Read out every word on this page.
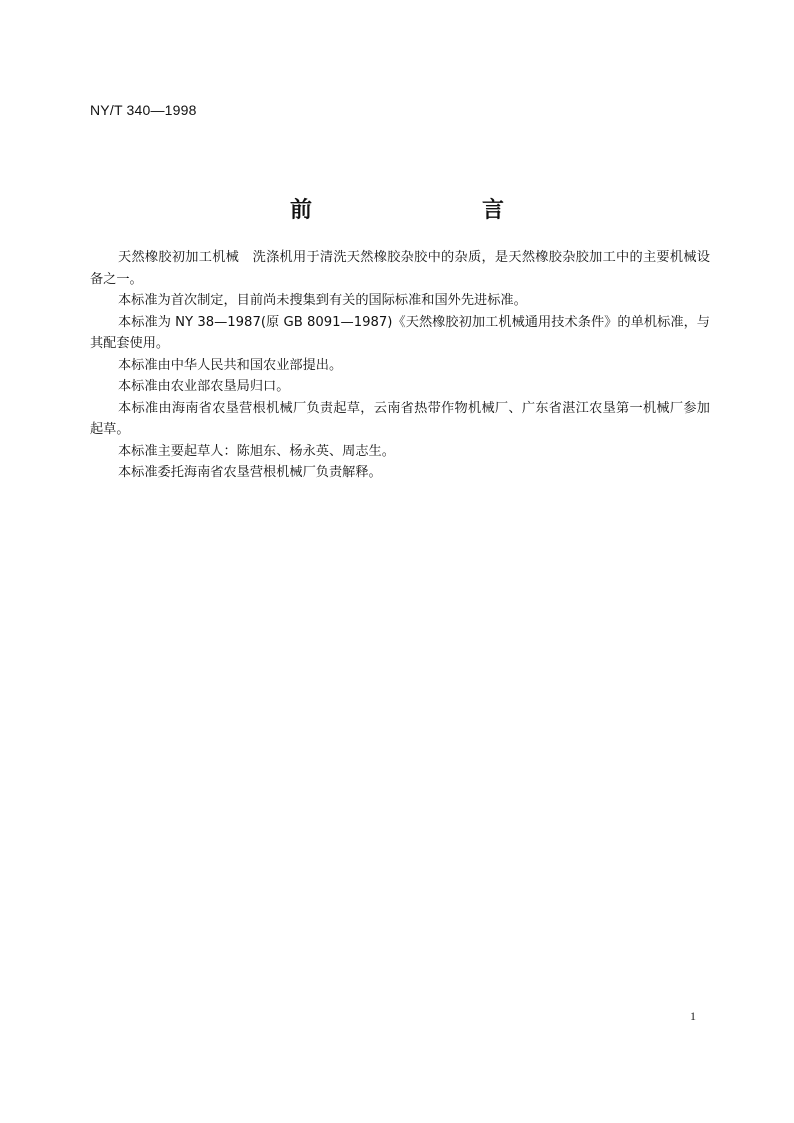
NY/T 340—1998
前　　言

天然橡胶初加工机械　洗涤机用于清洗天然橡胶杂胶中的杂质，是天然橡胶杂胶加工中的主要机械设备之一。

本标准为首次制定，目前尚未搜集到有关的国际标准和国外先进标准。

本标准为 NY 38—1987(原 GB 8091—1987)《天然橡胶初加工机械通用技术条件》的单机标准，与其配套使用。

本标准由中华人民共和国农业部提出。

本标准由农业部农垦局归口。

本标准由海南省农垦营根机械厂负责起草，云南省热带作物机械厂、广东省湛江农垦第一机械厂参加起草。

本标准主要起草人：陈旭东、杨永英、周志生。

本标准委托海南省农垦营根机械厂负责解释。

1
